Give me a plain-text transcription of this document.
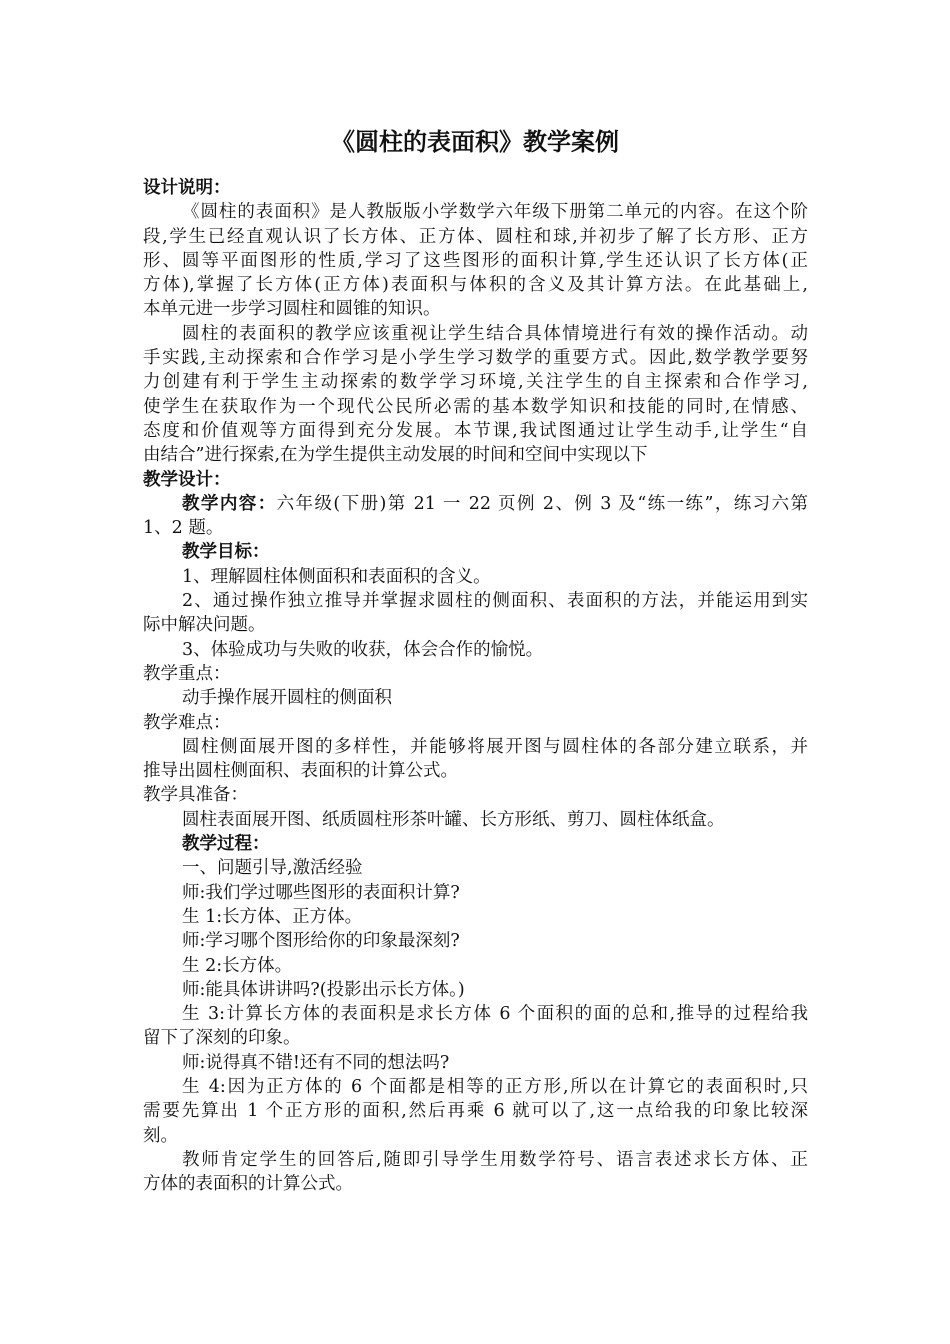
《圆柱的表面积》教学案例
设计说明：
《圆柱的表面积》是人教版版小学数学六年级下册第二单元的内容。在这个阶
段,学生已经直观认识了长方体、正方体、圆柱和球,并初步了解了长方形、正方
形、圆等平面图形的性质,学习了这些图形的面积计算,学生还认识了长方体(正
方体),掌握了长方体(正方体)表面积与体积的含义及其计算方法。在此基础上,
本单元进一步学习圆柱和圆锥的知识。
圆柱的表面积的教学应该重视让学生结合具体情境进行有效的操作活动。动
手实践,主动探索和合作学习是小学生学习数学的重要方式。因此,数学教学要努
力创建有利于学生主动探索的数学学习环境,关注学生的自主探索和合作学习,
使学生在获取作为一个现代公民所必需的基本数学知识和技能的同时,在情感、
态度和价值观等方面得到充分发展。本节课,我试图通过让学生动手,让学生“自
由结合”进行探索,在为学生提供主动发展的时间和空间中实现以下
教学设计：
教学内容：六年级(下册)第 21 一 22 页例 2、例 3 及“练一练”，练习六第
1、2 题。
教学目标：
1、理解圆柱体侧面积和表面积的含义。
2、通过操作独立推导并掌握求圆柱的侧面积、表面积的方法，并能运用到实
际中解决问题。
3、体验成功与失败的收获，体会合作的愉悦。
教学重点：
动手操作展开圆柱的侧面积
教学难点：
圆柱侧面展开图的多样性，并能够将展开图与圆柱体的各部分建立联系，并
推导出圆柱侧面积、表面积的计算公式。
教学具准备：
圆柱表面展开图、纸质圆柱形茶叶罐、长方形纸、剪刀、圆柱体纸盒。
教学过程：
一、问题引导,激活经验
师:我们学过哪些图形的表面积计算?
生 1:长方体、正方体。
师:学习哪个图形给你的印象最深刻?
生 2:长方体。
师:能具体讲讲吗?(投影出示长方体。)
生 3:计算长方体的表面积是求长方体 6 个面积的面的总和,推导的过程给我
留下了深刻的印象。
师:说得真不错!还有不同的想法吗?
生 4:因为正方体的 6 个面都是相等的正方形,所以在计算它的表面积时,只
需要先算出 1 个正方形的面积,然后再乘 6 就可以了,这一点给我的印象比较深
刻。
教师肯定学生的回答后,随即引导学生用数学符号、语言表述求长方体、正
方体的表面积的计算公式。
